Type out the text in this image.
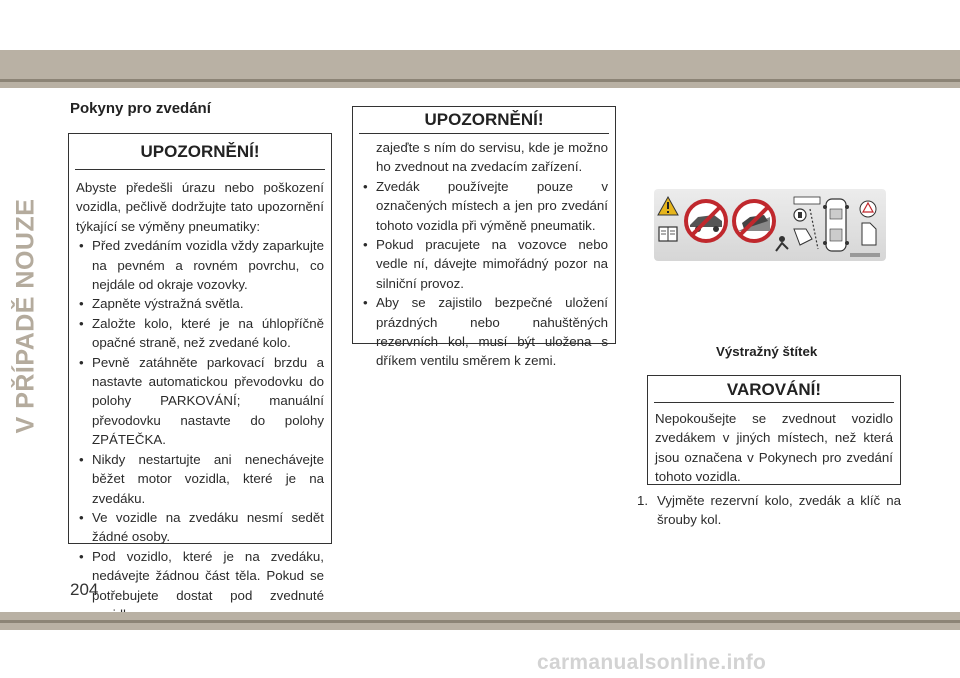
V PŘÍPADĚ NOUZE
Pokyny pro zvedání
UPOZORNĚNÍ!

Abyste předešli úrazu nebo poškození vozidla, pečlivě dodržujte tato upozornění týkající se výměny pneumatiky:

• Před zvedáním vozidla vždy zaparkujte na pevném a rovném povrchu, co nejdále od okraje vozovky.
• Zapněte výstražná světla.
• Založte kolo, které je na úhlopříčně opačné straně, než zvedané kolo.
• Pevně zatáhněte parkovací brzdu a nastavte automatickou převodovku do polohy PARKOVÁNÍ; manuální převodovku nastavte do polohy ZPÁTEČKA.
• Nikdy nestartujte ani nenechávejte běžet motor vozidla, které je na zvedáku.
• Ve vozidle na zvedáku nesmí sedět žádné osoby.
• Pod vozidlo, které je na zvedáku, nedávejte žádnou část těla. Pokud se potřebujete dostat pod zvednuté
UPOZORNĚNÍ!

zajeďte s ním do servisu, kde je možno ho zvednout na zvedacím zařízení.

• Zvedák používejte pouze v označených místech a jen pro zvedání tohoto vozidla při výměně pneumatik.
• Pokud pracujete na vozovce nebo vedle ní, dávejte mimořádný pozor na silniční provoz.
• Aby se zajistilo bezpečné uložení prázdných nebo nahuštěných rezervních kol, musí být uložena s dříkem ventilu směrem k zemi.
Výstražný štítek
VAROVÁNÍ!

Nepokoušejte se zvednout vozidlo zvedákem v jiných místech, než která jsou označena v Pokynech pro zvedání tohoto vozidla.

1. Vyjměte rezervní kolo, zvedák a klíč na šrouby kol.
204
carmanualsonline.info
